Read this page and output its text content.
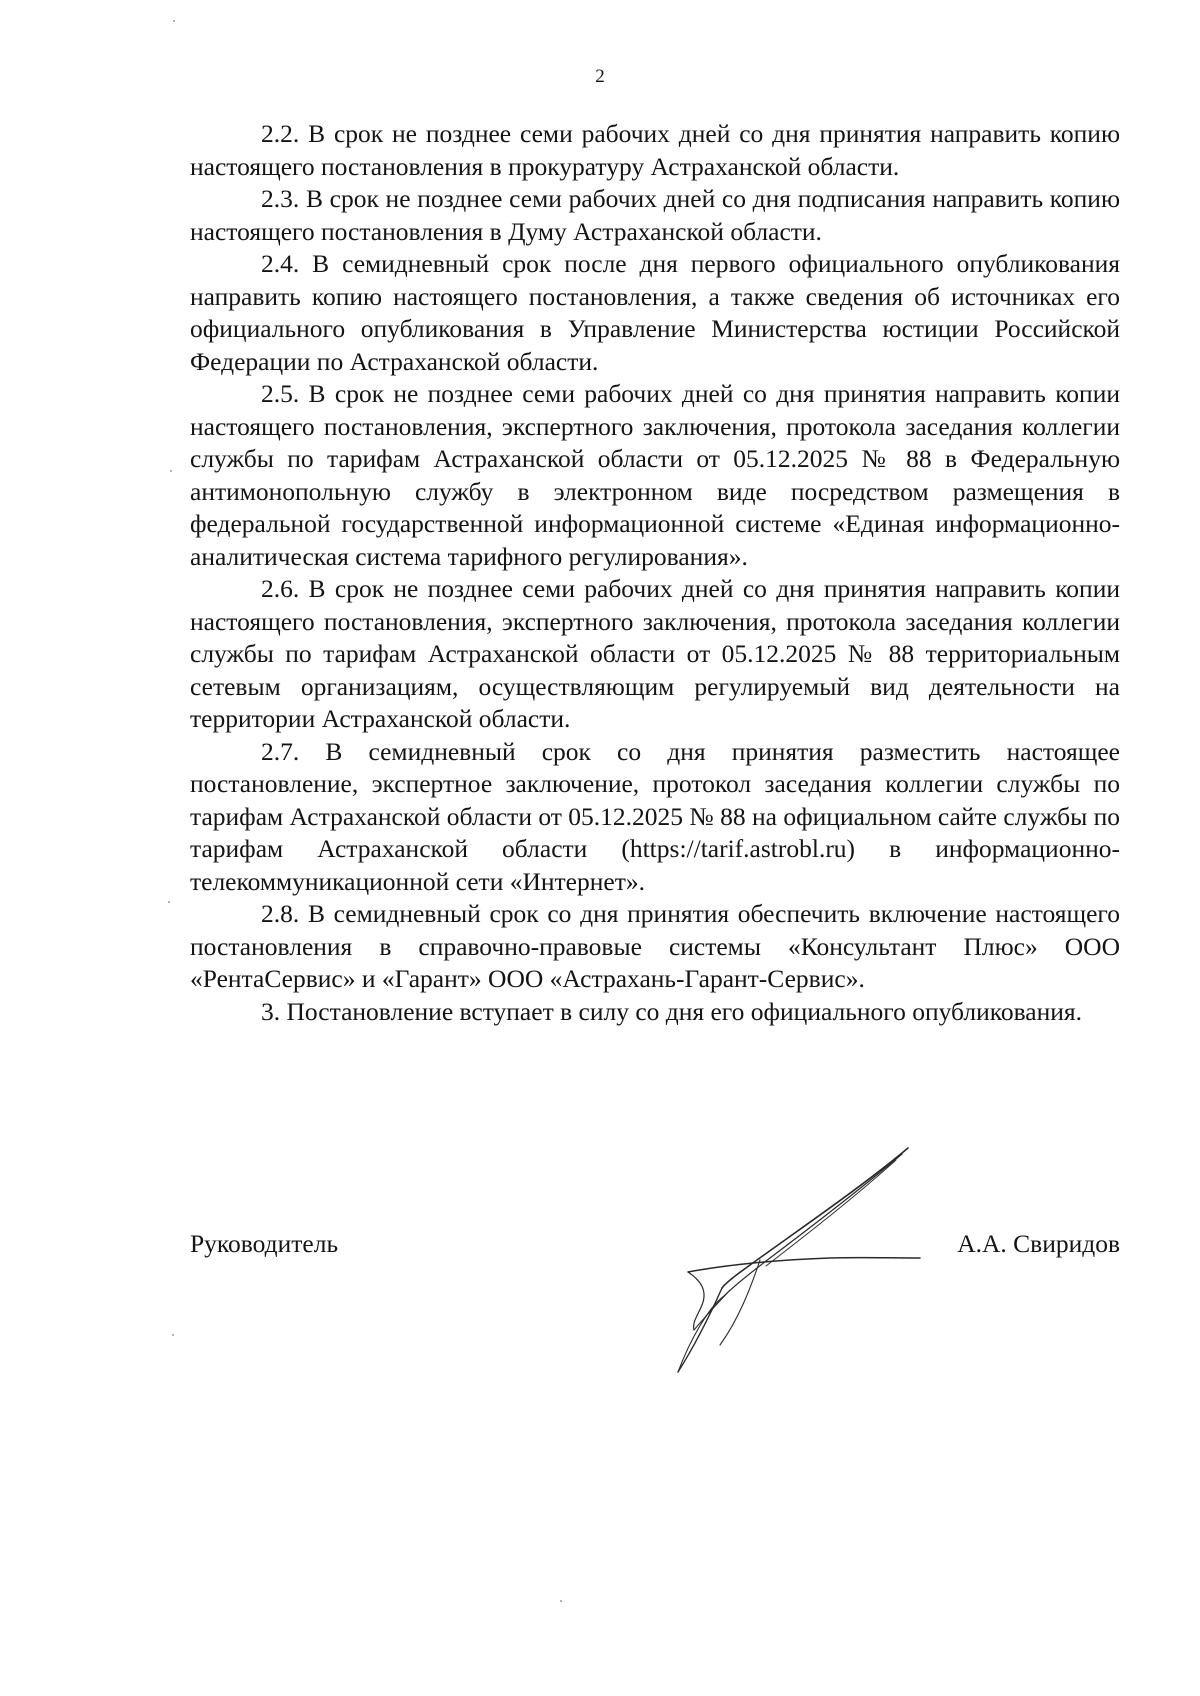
2

2.2. В срок не позднее семи рабочих дней со дня принятия направить копию настоящего постановления в прокуратуру Астраханской области.

2.3. В срок не позднее семи рабочих дней со дня подписания направить копию настоящего постановления в Думу Астраханской области.

2.4. В семидневный срок после дня первого официального опубликования направить копию настоящего постановления, а также сведения об источниках его официального опубликования в Управление Министерства юстиции Российской Федерации по Астраханской области.

2.5. В срок не позднее семи рабочих дней со дня принятия направить копии настоящего постановления, экспертного заключения, протокола заседания коллегии службы по тарифам Астраханской области от 05.12.2025 № 88 в Федеральную антимонопольную службу в электронном виде посредством размещения в федеральной государственной информационной системе «Единая информационно-аналитическая система тарифного регулирования».

2.6. В срок не позднее семи рабочих дней со дня принятия направить копии настоящего постановления, экспертного заключения, протокола заседания коллегии службы по тарифам Астраханской области от 05.12.2025 № 88 территориальным сетевым организациям, осуществляющим регулируемый вид деятельности на территории Астраханской области.

2.7. В семидневный срок со дня принятия разместить настоящее постановление, экспертное заключение, протокол заседания коллегии службы по тарифам Астраханской области от 05.12.2025 № 88 на официальном сайте службы по тарифам Астраханской области (https://tarif.astrobl.ru) в информационно-телекоммуникационной сети «Интернет».

2.8. В семидневный срок со дня принятия обеспечить включение настоящего постановления в справочно-правовые системы «Консультант Плюс» ООО «РентаСервис» и «Гарант» ООО «Астрахань-Гарант-Сервис».

3. Постановление вступает в силу со дня его официального опубликования.

Руководитель	А.А. Свиридов
